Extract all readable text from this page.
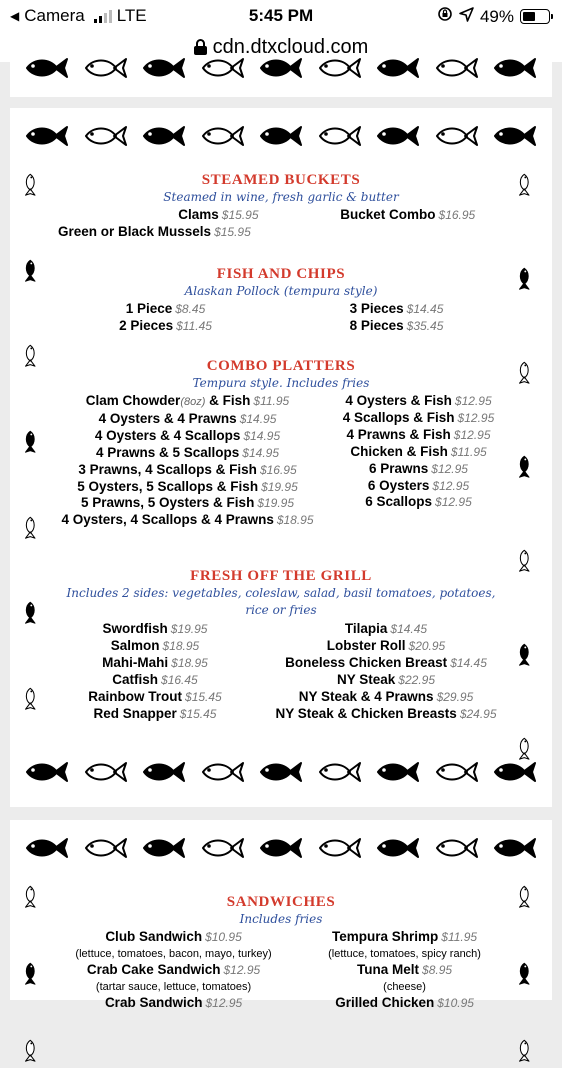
◀ Camera LTE	5:45 PM	49%
cdn.dtxcloud.com
STEAMED BUCKETS
Steamed in wine, fresh garlic & butter
Clams $15.95	Bucket Combo $16.95
Green or Black Mussels $15.95
FISH AND CHIPS
Alaskan Pollock (tempura style)
1 Piece $8.45
2 Pieces $11.45
3 Pieces $14.45
8 Pieces $35.45
COMBO PLATTERS
Tempura style. Includes fries
Clam Chowder(8oz) & Fish $11.95
4 Oysters & 4 Prawns $14.95
4 Oysters & 4 Scallops $14.95
4 Prawns & 5 Scallops $14.95
3 Prawns, 4 Scallops & Fish $16.95
5 Oysters, 5 Scallops & Fish $19.95
5 Prawns, 5 Oysters & Fish $19.95
4 Oysters, 4 Scallops & 4 Prawns $18.95
4 Oysters & Fish $12.95
4 Scallops & Fish $12.95
4 Prawns & Fish $12.95
Chicken & Fish $11.95
6 Prawns $12.95
6 Oysters $12.95
6 Scallops $12.95
FRESH OFF THE GRILL
Includes 2 sides: vegetables, coleslaw, salad, basil tomatoes, potatoes,
rice or fries
Swordfish $19.95
Salmon $18.95
Mahi-Mahi $18.95
Catfish $16.45
Rainbow Trout $15.45
Red Snapper $15.45
Tilapia $14.45
Lobster Roll $20.95
Boneless Chicken Breast $14.45
NY Steak $22.95
NY Steak & 4 Prawns $29.95
NY Steak & Chicken Breasts $24.95
SANDWICHES
Includes fries
Club Sandwich $10.95
(lettuce, tomatoes, bacon, mayo, turkey)
Crab Cake Sandwich $12.95
(tartar sauce, lettuce, tomatoes)
Crab Sandwich $12.95
Tempura Shrimp $11.95
(lettuce, tomatoes, spicy ranch)
Tuna Melt $8.95
(cheese)
Grilled Chicken $10.95
